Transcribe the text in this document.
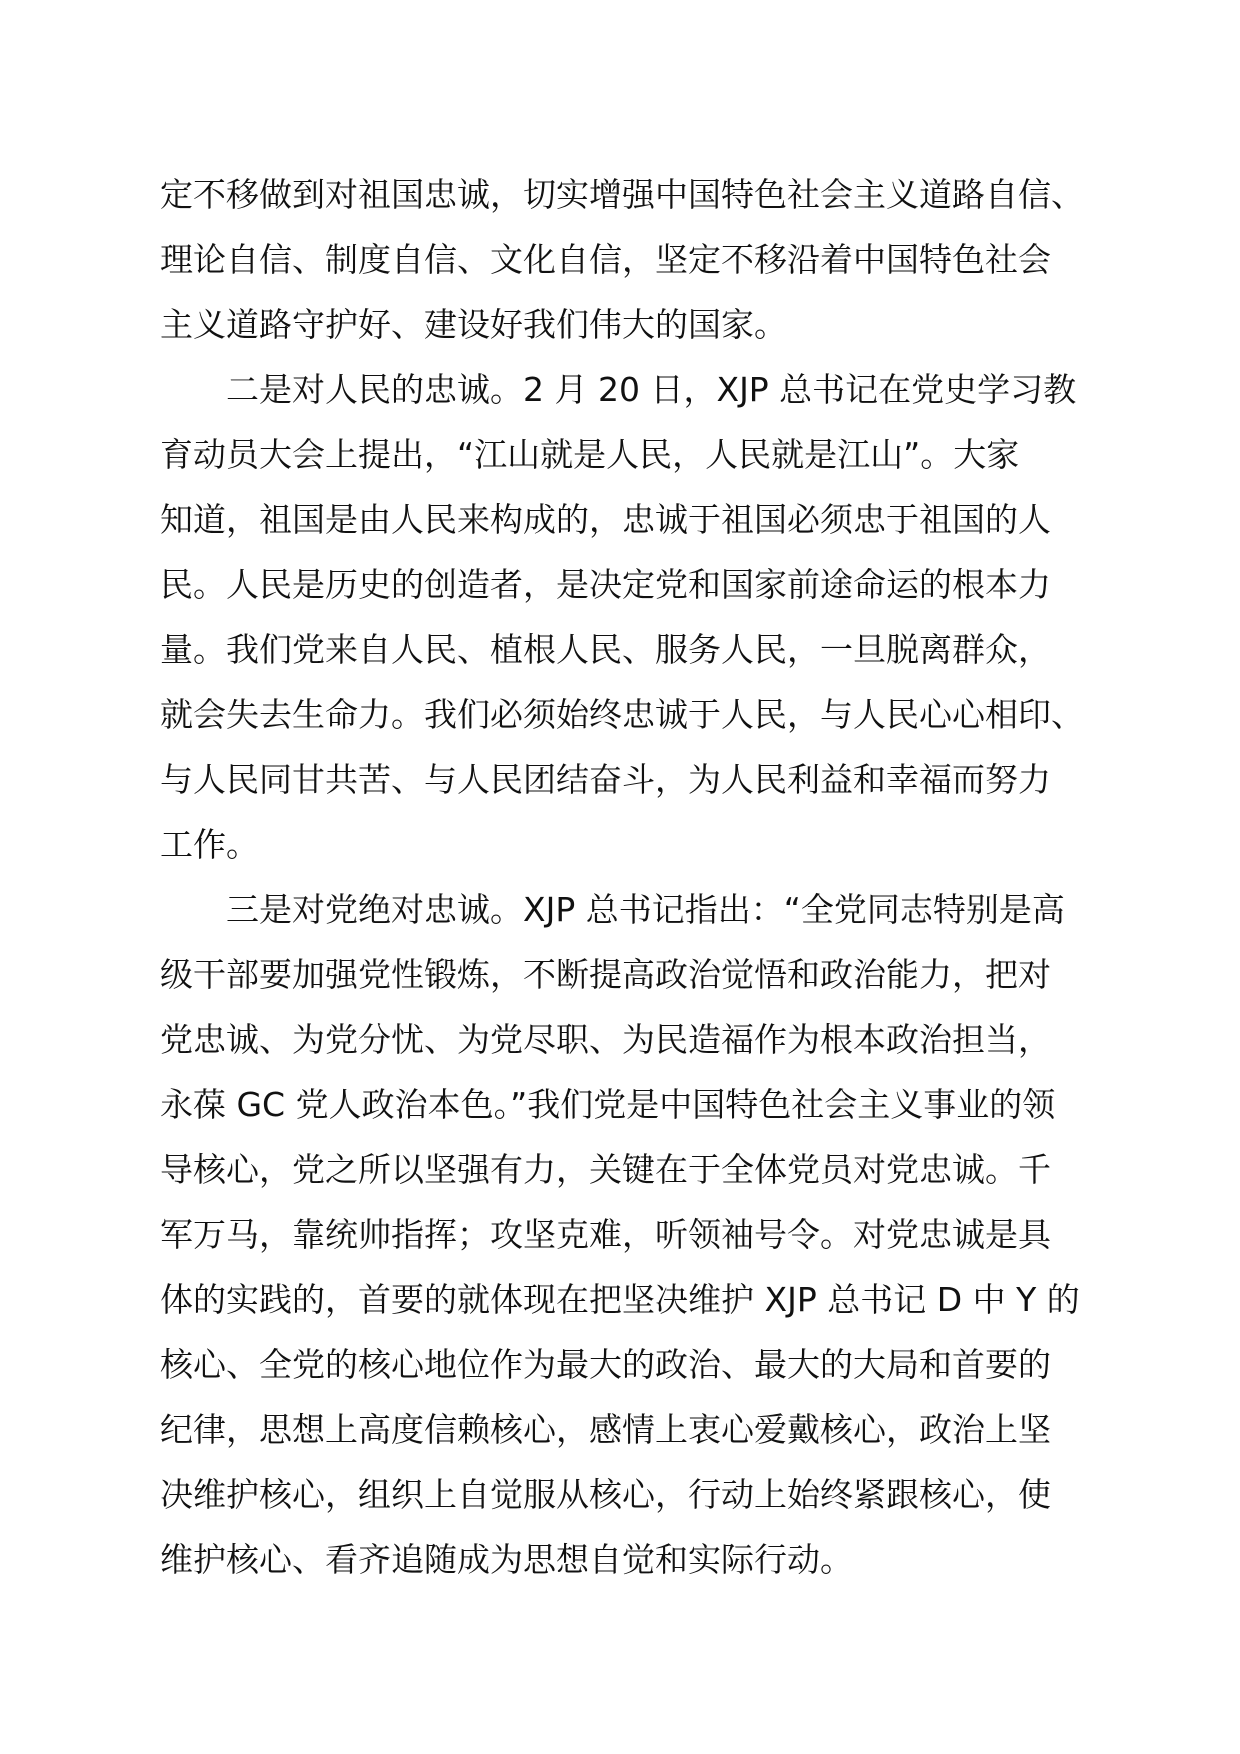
定不移做到对祖国忠诚，切实增强中国特色社会主义道路自信、
理论自信、制度自信、文化自信，坚定不移沿着中国特色社会
主义道路守护好、建设好我们伟大的国家。
二是对人民的忠诚。2 月 20 日，XJP 总书记在党史学习教
育动员大会上提出，“江山就是人民，人民就是江山”。大家
知道，祖国是由人民来构成的，忠诚于祖国必须忠于祖国的人
民。人民是历史的创造者，是决定党和国家前途命运的根本力
量。我们党来自人民、植根人民、服务人民，一旦脱离群众，
就会失去生命力。我们必须始终忠诚于人民，与人民心心相印、
与人民同甘共苦、与人民团结奋斗，为人民利益和幸福而努力
工作。
三是对党绝对忠诚。XJP 总书记指出：“全党同志特别是高
级干部要加强党性锻炼，不断提高政治觉悟和政治能力，把对
党忠诚、为党分忧、为党尽职、为民造福作为根本政治担当，
永葆 GC 党人政治本色。”我们党是中国特色社会主义事业的领
导核心，党之所以坚强有力，关键在于全体党员对党忠诚。千
军万马，靠统帅指挥；攻坚克难，听领袖号令。对党忠诚是具
体的实践的，首要的就体现在把坚决维护 XJP 总书记 D 中 Y 的
核心、全党的核心地位作为最大的政治、最大的大局和首要的
纪律，思想上高度信赖核心，感情上衷心爱戴核心，政治上坚
决维护核心，组织上自觉服从核心，行动上始终紧跟核心，使
维护核心、看齐追随成为思想自觉和实际行动。
